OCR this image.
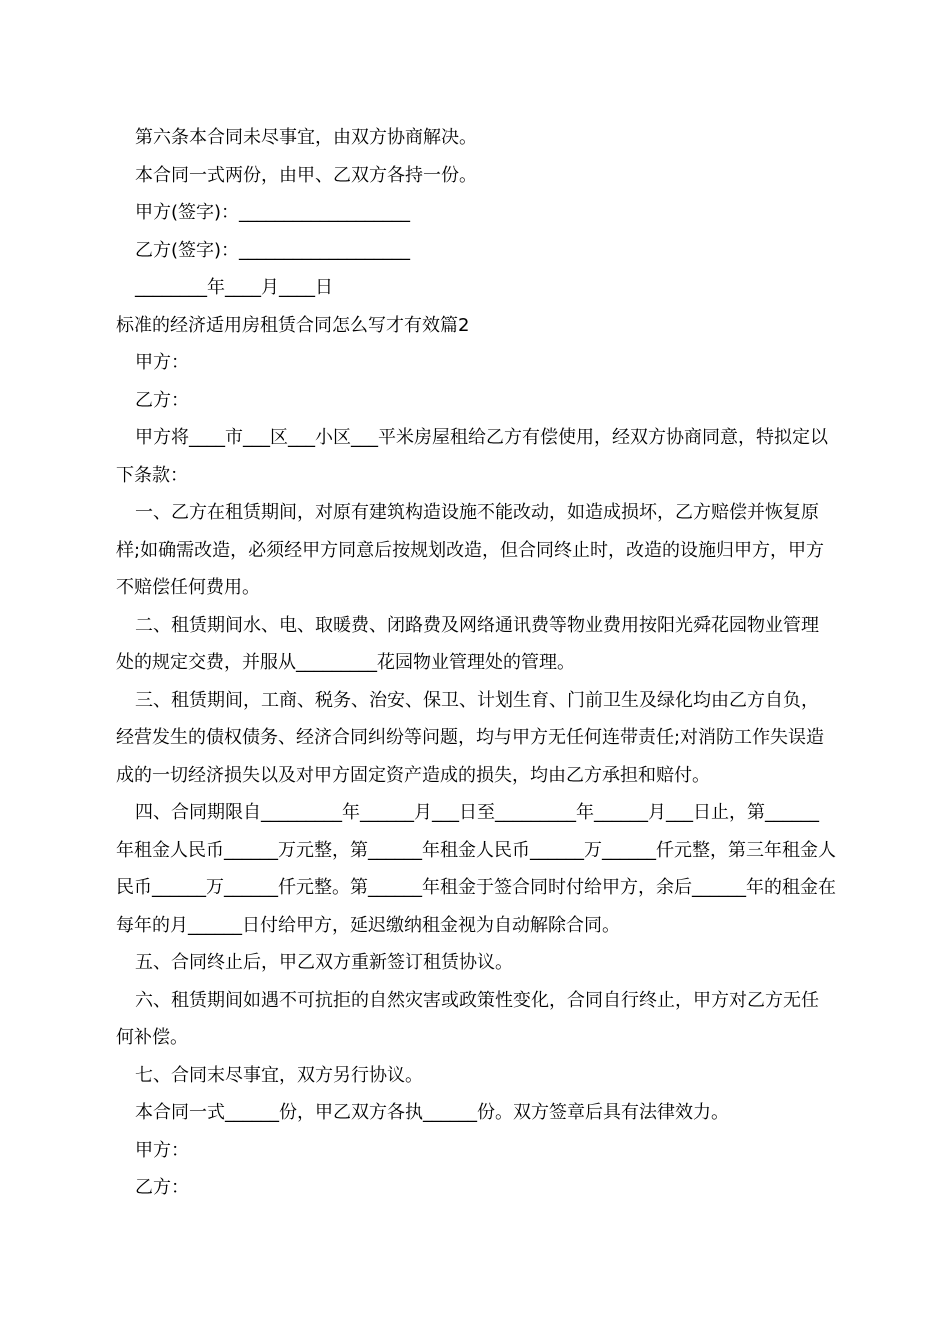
第六条本合同未尽事宜，由双方协商解决。
本合同一式两份，由甲、乙双方各持一份。
甲方(签字)：___________________
乙方(签字)：___________________
________年____月____日
标准的经济适用房租赁合同怎么写才有效篇2
甲方：
乙方：

甲方将____市___区___小区___平米房屋租给乙方有偿使用，经双方协商同意，特拟定以下条款：

一、乙方在租赁期间，对原有建筑构造设施不能改动，如造成损坏，乙方赔偿并恢复原样;如确需改造，必须经甲方同意后按规划改造，但合同终止时，改造的设施归甲方，甲方不赔偿任何费用。

二、租赁期间水、电、取暖费、闭路费及网络通讯费等物业费用按阳光舜花园物业管理处的规定交费，并服从_________花园物业管理处的管理。

三、租赁期间，工商、税务、治安、保卫、计划生育、门前卫生及绿化均由乙方自负，经营发生的债权债务、经济合同纠纷等问题，均与甲方无任何连带责任;对消防工作失误造成的一切经济损失以及对甲方固定资产造成的损失，均由乙方承担和赔付。

四、合同期限自_________年______月___日至_________年______月___日止，第______年租金人民币______万元整，第______年租金人民币______万______仟元整，第三年租金人民币______万______仟元整。第______年租金于签合同时付给甲方，余后______年的租金在每年的月______日付给甲方，延迟缴纳租金视为自动解除合同。

五、合同终止后，甲乙双方重新签订租赁协议。

六、租赁期间如遇不可抗拒的自然灾害或政策性变化，合同自行终止，甲方对乙方无任何补偿。

七、合同末尽事宜，双方另行协议。

本合同一式______份，甲乙双方各执______份。双方签章后具有法律效力。
甲方：
乙方：
